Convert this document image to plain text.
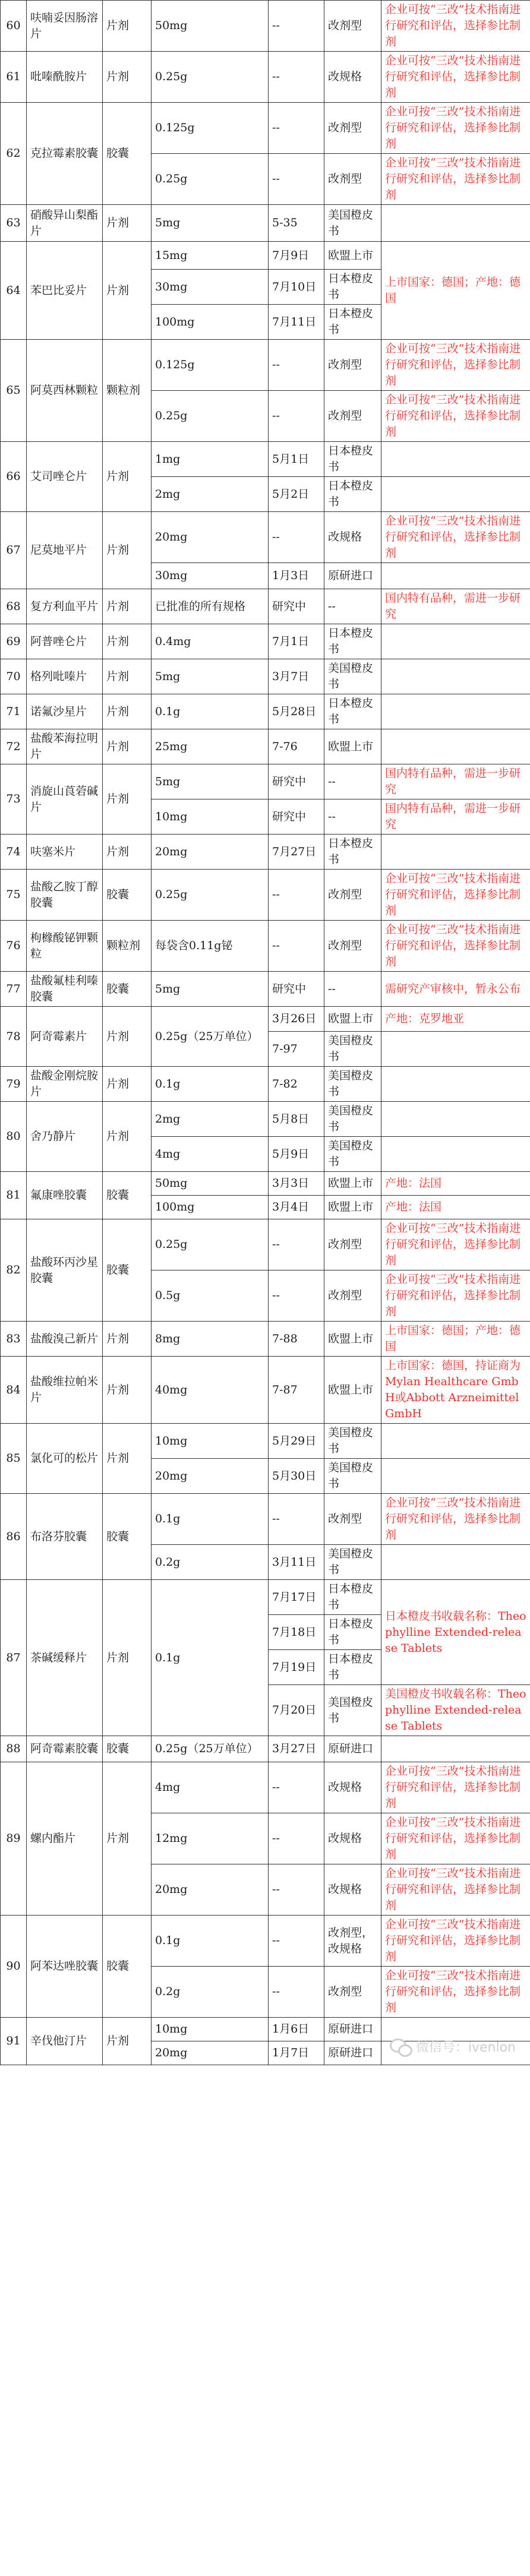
60	呋喃妥因肠溶片	片剂	50mg	--	改剂型	企业可按“三改”技术指南进行研究和评估，选择参比制剂
61	吡嗪酰胺片	片剂	0.25g	--	改规格	企业可按“三改”技术指南进行研究和评估，选择参比制剂
62	克拉霉素胶囊	胶囊	0.125g	--	改剂型	企业可按“三改”技术指南进行研究和评估，选择参比制剂
			0.25g	--	改剂型	企业可按“三改”技术指南进行研究和评估，选择参比制剂
63	硝酸异山梨酯片	片剂	5mg	5-35	美国橙皮书	
64	苯巴比妥片	片剂	15mg	7月9日	欧盟上市	上市国家：德国；产地：德国
			30mg	7月10日	日本橙皮书	
			100mg	7月11日	日本橙皮书	
65	阿莫西林颗粒	颗粒剂	0.125g	--	改剂型	企业可按“三改”技术指南进行研究和评估，选择参比制剂
			0.25g	--	改剂型	企业可按“三改”技术指南进行研究和评估，选择参比制剂
66	艾司唑仑片	片剂	1mg	5月1日	日本橙皮书	
			2mg	5月2日	日本橙皮书	
67	尼莫地平片	片剂	20mg	--	改规格	企业可按“三改”技术指南进行研究和评估，选择参比制剂
			30mg	1月3日	原研进口	
68	复方利血平片	片剂	已批准的所有规格	研究中	--	国内特有品种，需进一步研究
69	阿普唑仑片	片剂	0.4mg	7月1日	日本橙皮书	
70	格列吡嗪片	片剂	5mg	3月7日	美国橙皮书	
71	诺氟沙星片	片剂	0.1g	5月28日	日本橙皮书	
72	盐酸苯海拉明片	片剂	25mg	7-76	欧盟上市	
73	消旋山莨菪碱片	片剂	5mg	研究中	--	国内特有品种，需进一步研究
			10mg	研究中	--	国内特有品种，需进一步研究
74	呋塞米片	片剂	20mg	7月27日	日本橙皮书	
75	盐酸乙胺丁醇胶囊	胶囊	0.25g	--	改剂型	企业可按“三改”技术指南进行研究和评估，选择参比制剂
76	枸橼酸铋钾颗粒	颗粒剂	每袋含0.11g铋	--	改剂型	企业可按“三改”技术指南进行研究和评估，选择参比制剂
77	盐酸氟桂利嗪胶囊	胶囊	5mg	研究中	--	需研究产审核中，暂永公布
78	阿奇霉素片	片剂	0.25g（25万单位）	3月26日	欧盟上市	产地：克罗地亚
				7-97	美国橙皮书	
79	盐酸金刚烷胺片	片剂	0.1g	7-82	美国橙皮书	
80	舍乃静片	片剂	2mg	5月8日	美国橙皮书	
			4mg	5月9日	美国橙皮书	
81	氟康唑胶囊	胶囊	50mg	3月3日	欧盟上市	产地：法国
			100mg	3月4日	欧盟上市	产地：法国
82	盐酸环丙沙星胶囊	胶囊	0.25g	--	改剂型	企业可按“三改”技术指南进行研究和评估，选择参比制剂
			0.5g	--	改剂型	企业可按“三改”技术指南进行研究和评估，选择参比制剂
83	盐酸溴己新片	片剂	8mg	7-88	欧盟上市	上市国家：德国；产地：德国
84	盐酸维拉帕米片	片剂	40mg	7-87	欧盟上市	上市国家：德国，持证商为Mylan Healthcare GmbH或Abbott Arzneimittel GmbH
85	氯化可的松片	片剂	10mg	5月29日	美国橙皮书	
			20mg	5月30日	美国橙皮书	
86	布洛芬胶囊	胶囊	0.1g	--	改剂型	企业可按“三改”技术指南进行研究和评估，选择参比制剂
			0.2g	3月11日	美国橙皮书	
87	茶碱缓释片	片剂	0.1g	7月17日	日本橙皮书	日本橙皮书收载名称：Theophylline Extended-release Tablets
				7月18日	日本橙皮书	
				7月19日	日本橙皮书	
				7月20日	美国橙皮书	美国橙皮书收载名称：Theophylline Extended-release Tablets
88	阿奇霉素胶囊	胶囊	0.25g（25万单位）	3月27日	原研进口	
89	螺内酯片	片剂	4mg	--	改规格	企业可按“三改”技术指南进行研究和评估，选择参比制剂
			12mg	--	改规格	企业可按“三改”技术指南进行研究和评估，选择参比制剂
			20mg	--	改规格	企业可按“三改”技术指南进行研究和评估，选择参比制剂
90	阿苯达唑胶囊	胶囊	0.1g	--	改剂型，改规格	企业可按“三改”技术指南进行研究和评估，选择参比制剂
			0.2g	--	改剂型	企业可按“三改”技术指南进行研究和评估，选择参比制剂
91	辛伐他汀片	片剂	10mg	1月6日	原研进口	
			20mg	1月7日	原研进口		微信号：ivenlon
